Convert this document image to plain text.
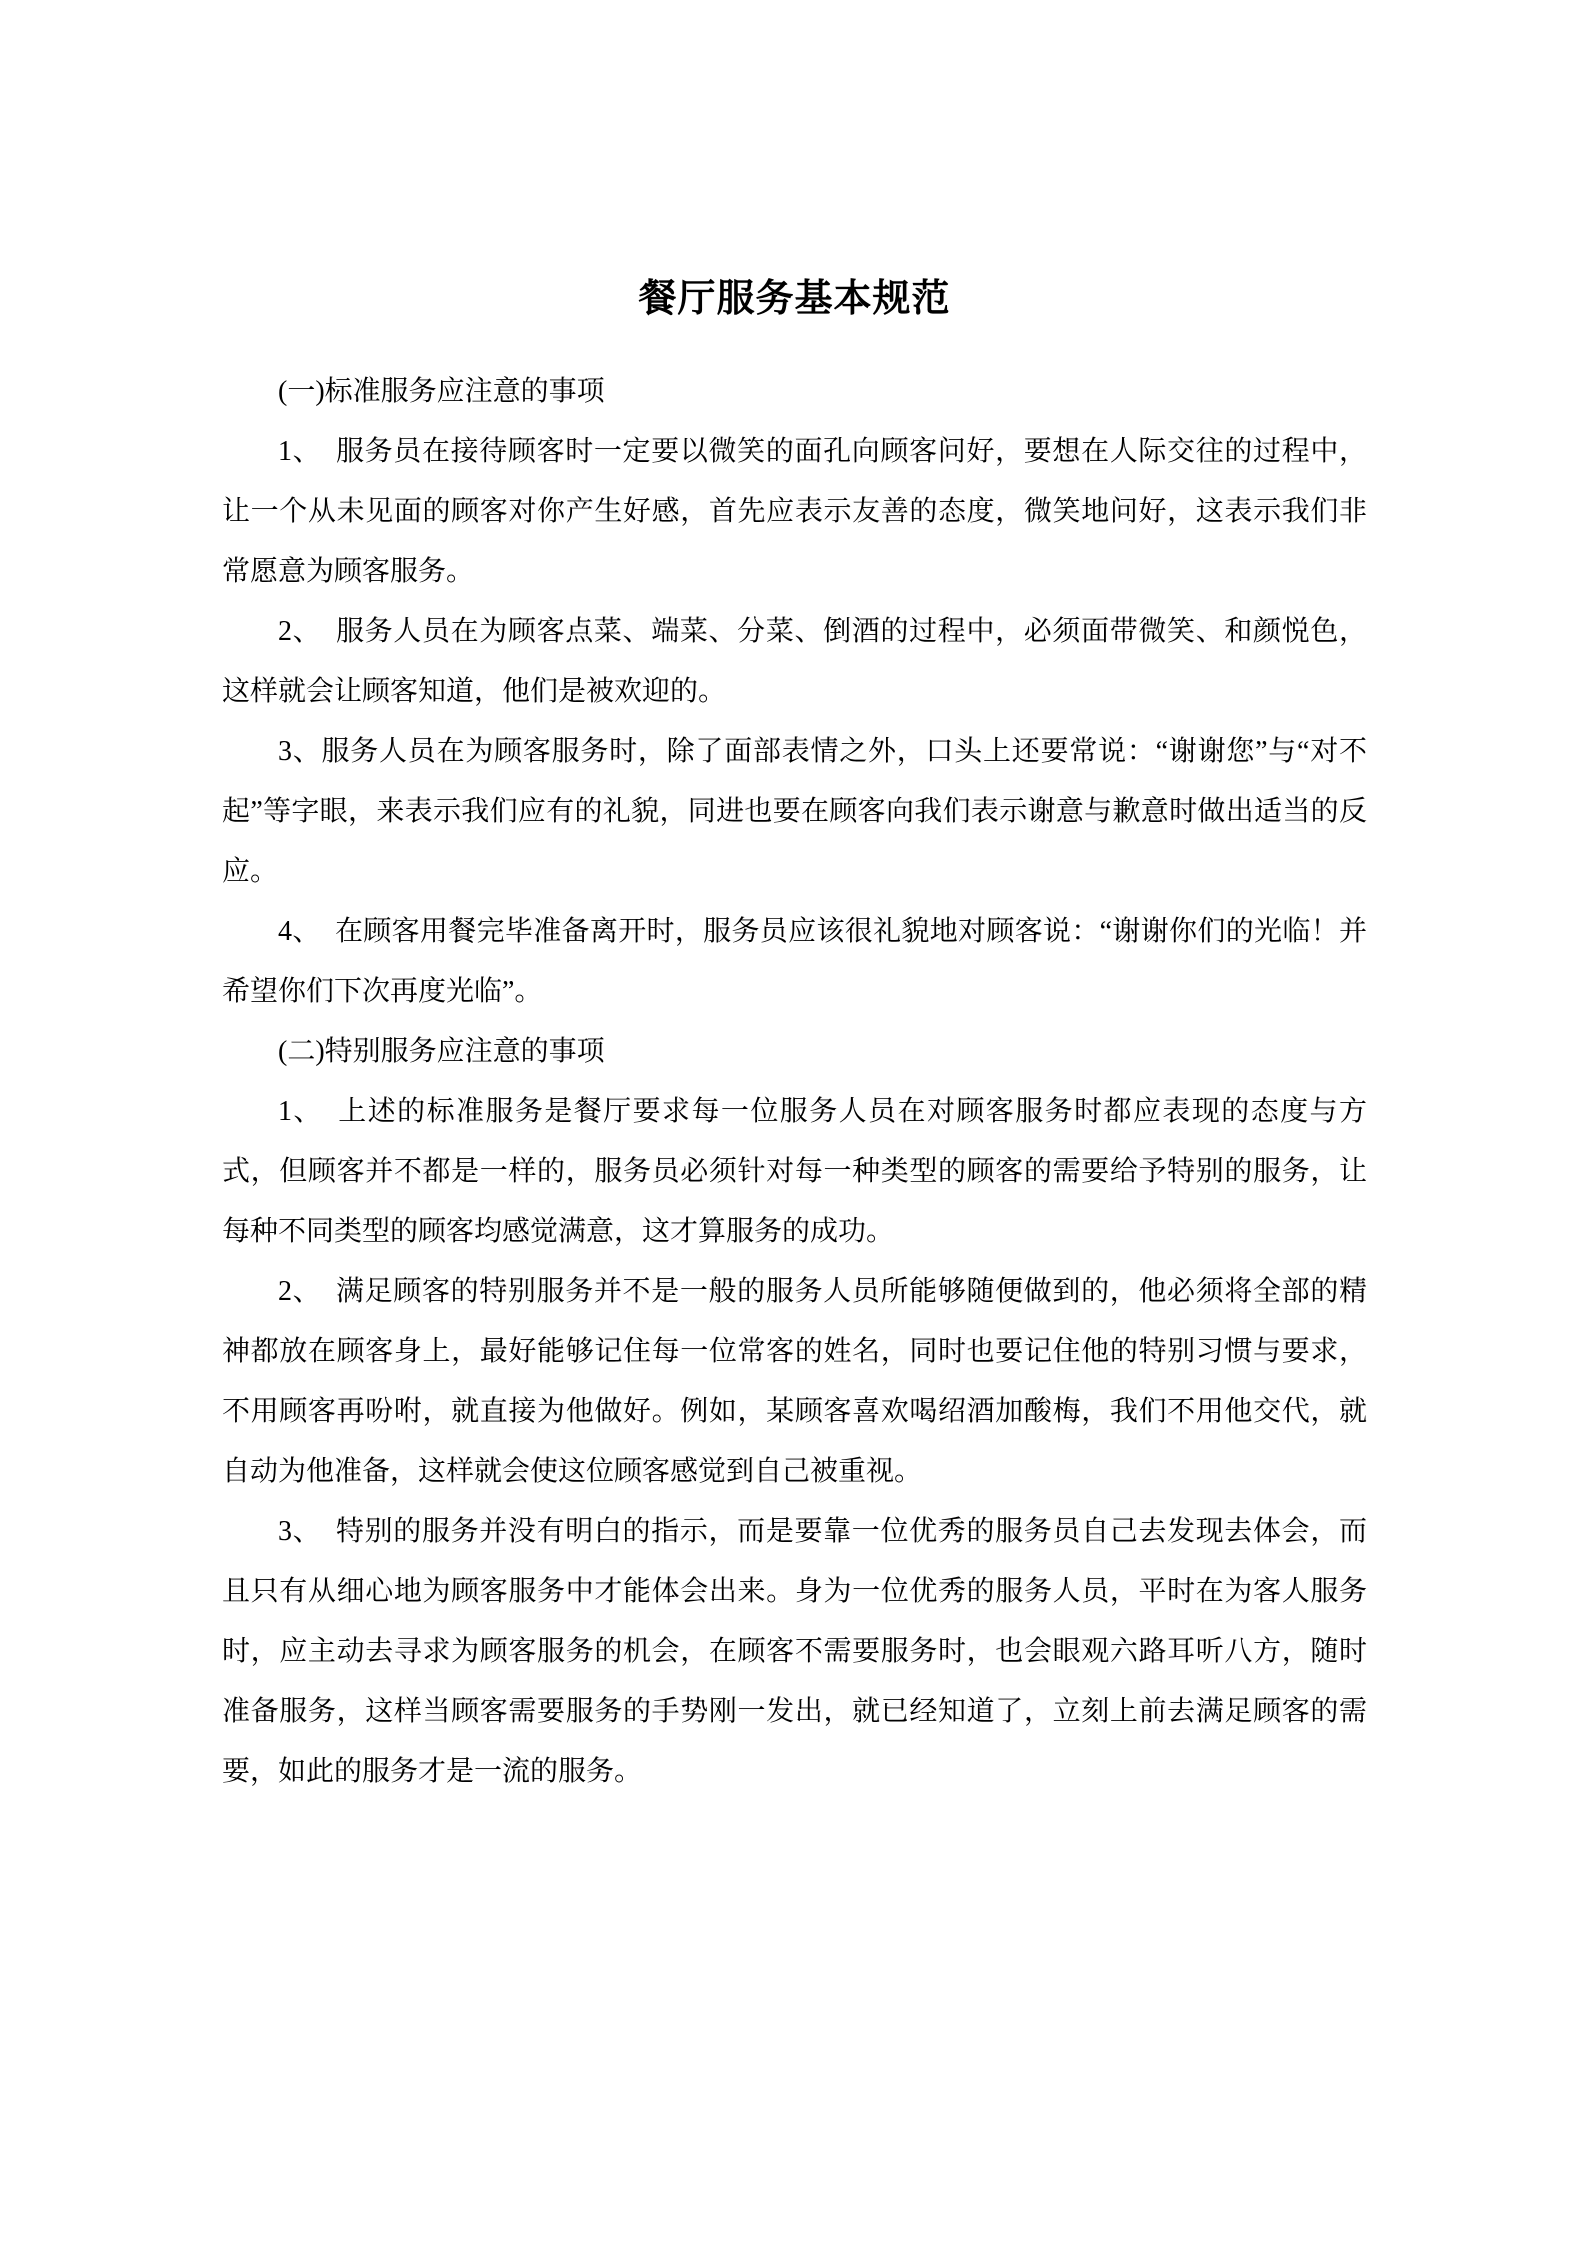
餐厅服务基本规范

(一)标准服务应注意的事项

1、　服务员在接待顾客时一定要以微笑的面孔向顾客问好，要想在人际交往的过程中，让一个从未见面的顾客对你产生好感，首先应表示友善的态度，微笑地问好，这表示我们非常愿意为顾客服务。

2、　服务人员在为顾客点菜、端菜、分菜、倒酒的过程中，必须面带微笑、和颜悦色，这样就会让顾客知道，他们是被欢迎的。

3、服务人员在为顾客服务时，除了面部表情之外，口头上还要常说：“谢谢您”与“对不起”等字眼，来表示我们应有的礼貌，同进也要在顾客向我们表示谢意与歉意时做出适当的反应。

4、　在顾客用餐完毕准备离开时，服务员应该很礼貌地对顾客说：“谢谢你们的光临！并希望你们下次再度光临”。

(二)特别服务应注意的事项

1、　上述的标准服务是餐厅要求每一位服务人员在对顾客服务时都应表现的态度与方式，但顾客并不都是一样的，服务员必须针对每一种类型的顾客的需要给予特别的服务，让每种不同类型的顾客均感觉满意，这才算服务的成功。

2、　满足顾客的特别服务并不是一般的服务人员所能够随便做到的，他必须将全部的精神都放在顾客身上，最好能够记住每一位常客的姓名，同时也要记住他的特别习惯与要求，不用顾客再吩咐，就直接为他做好。例如，某顾客喜欢喝绍酒加酸梅，我们不用他交代，就自动为他准备，这样就会使这位顾客感觉到自己被重视。

3、　特别的服务并没有明白的指示，而是要靠一位优秀的服务员自己去发现去体会，而且只有从细心地为顾客服务中才能体会出来。身为一位优秀的服务人员，平时在为客人服务时，应主动去寻求为顾客服务的机会，在顾客不需要服务时，也会眼观六路耳听八方，随时准备服务，这样当顾客需要服务的手势刚一发出，就已经知道了，立刻上前去满足顾客的需要，如此的服务才是一流的服务。
